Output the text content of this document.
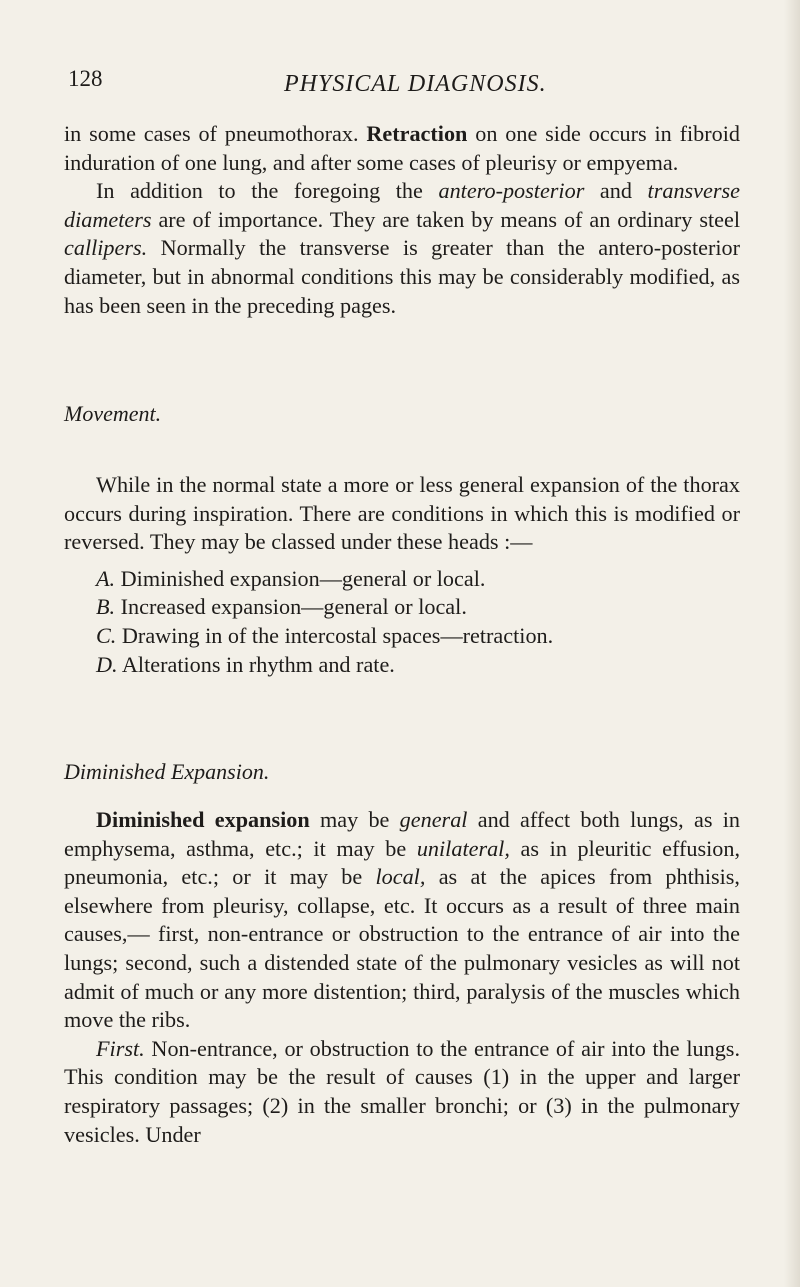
128	PHYSICAL DIAGNOSIS.

in some cases of pneumothorax. Retraction on one side occurs in fibroid induration of one lung, and after some cases of pleurisy or empyema.

In addition to the foregoing the antero-posterior and transverse diameters are of importance. They are taken by means of an ordinary steel callipers. Normally the transverse is greater than the antero-posterior diameter, but in abnormal conditions this may be considerably modified, as has been seen in the preceding pages.

Movement.

While in the normal state a more or less general expansion of the thorax occurs during inspiration. There are conditions in which this is modified or reversed. They may be classed under these heads :—

A. Diminished expansion—general or local.
B. Increased expansion—general or local.
C. Drawing in of the intercostal spaces—retraction.
D. Alterations in rhythm and rate.

Diminished Expansion.

Diminished expansion may be general and affect both lungs, as in emphysema, asthma, etc.; it may be unilateral, as in pleuritic effusion, pneumonia, etc.; or it may be local, as at the apices from phthisis, elsewhere from pleurisy, collapse, etc. It occurs as a result of three main causes,— first, non-entrance or obstruction to the entrance of air into the lungs; second, such a distended state of the pulmonary vesicles as will not admit of much or any more distention; third, paralysis of the muscles which move the ribs.

First. Non-entrance, or obstruction to the entrance of air into the lungs. This condition may be the result of causes (1) in the upper and larger respiratory passages; (2) in the smaller bronchi; or (3) in the pulmonary vesicles. Under
